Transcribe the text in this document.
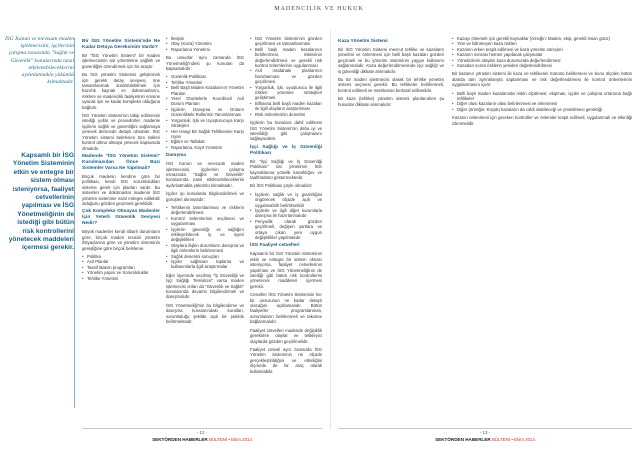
MADENCİLİK VE HUKUK
İSG Kanun ve mevzuatı maden işletmecisini, işçilerinin çalışma esnasında "Sağlık ve Güvenlik" konularında nasıl etkilenebileceklerini aydınlatmakla yükümlü kılmaktadır.
Kapsamlı bir İSG Yönetim Sisteminin etkin ve entegre bir sistem olması isteniyorsa, faaliyet cetvellerinin yapılması ve İSG Yönetmeliğinin de istediği gibi bütün risk kontrollerini yönetecek maddeleri içermesi gerekir.
Bir İSG Yönetim Sistemi'nde Ne Kadar Detaya Gereksinim Vardır?

Bir "İSG Yönetim Sistemi" bir maden işletmecisinin üst yönetimine sağlıklı ve güvenliğini özendirmek için bir araçtır.

Bu İSG yönetim Sistemini geliştirmek için gerekli detay seviyesi, öne tamamlanmak sürdürülebilmek için hazırlık kaynak ve dokümanlarını, risklere ve madencilik faaliyetinin emsine uyacak işin ne kadar kompleks olduğuna bağlıdır.

İSG Yönetim Sistemi'nin takip edilmesini istediği yollar ve prosedürler, madenle işçilerin sağlık ve güvenliğini sağlamaya yetecek derecede detaylı olmalıdır. İSG Yönetim sistemi belirlenen tüm riskleri kontrol altına almaya yetecek kapsamda olmalıdır.

Madende "İSG Yönetim Sistemi" Kurulmasıdan Önce Bazı Sistemler Varsa Ne Yapılmalı?

Birçok madenin kendine göre bir politikası, kendi İSG sorumlulukları sisteme gerek için planları vardır. Bu sistemler ve dokümanlar madenin İSG yönetim sistemine nasıl entegre edilebilir olduğunu gözden geçirmek gereklidir.

Çok Kompleks Olmayan Madenler İçin Yeterli Güvenlik Seviyesi Nedir?

Büyük madenler kendi itibarlı durumların göre, birçok maden tesisini yönetim ihtiyaçlarına göre ve yönetim sisteminin genişliğine göre birçok belirleme.

• Politika
• Acil Planlar
• Tasnif Bakım programları
• Yönetim yapısı ve Sorumluluklar
• Tehlike Yönetimi
• İletişim
• Olay (Kaza) Yönetimi
• Raporlama Yönetimi

Bu unsurlar aynı zamanda İSG Yönetmeliği'ndeki şu konuları da kapsamalıdır:

• Güvenlik Politikası
• Tehlike Yönetimi
• Belli Başlı Maden Kazalarının Yönetim Planları
• Yerel Otoritelerle Koordineli Acil Durum Planları
• İşçilerin Danışma ve Onların Güvenlikteki Rollerinin Tanımlanması
• Yorgunluk, İçki ve Uyuşturucuya Karşı Stratejiler
• Her Hangi Bir Sağlık Tehlikesine Karşı Uyarı
• Eğitim ve Tatbikat
• Raporlama, Kayıt Yönetimi
Danışma

İSG Kanun ve mevzuatı maden işletmecisini, işçilerinin çalışma esnasında "Sağlık ve Güvenlik" konularında nasıl etkilenebileceklerini aydınlatmakla yükümlü kılmaktadır.

İşçiler şu konularda bilgilendirilmeli ve görüşleri alınmalıdır:

• Tehlikenin tanımlanması ve risklerin değerlendirilmesi
• Kontrol önlemlerinin seçilmesi ve uygulanması
• İşçilerin güvenliği ve sağlığını etkileyebilecek iş ve işyeri değişiklikleri
• Olaylara ilişkin durumların danışma ve ilgili önlemlerin belirlenmesi
• Sağlık denetimi sonuçları
• İşçiler sağlanan toplama ve kullanımlarla ilgili araştırmalar

Eğer işyerinde seçilmiş "İş Güvenliği ve İşçi Sağlığı Temsilcisi" varsa maden işletmecisi onları da "Güvenlik ve Sağlık" konularında devamlı bilgilendirmeli ve danışmalıdır.

İSG Yönetmeliği'nin bu bilgilendirme ve danışma konularındaki kuralları, sorumluluğu şekilde açık bir şekilde belirtmektedir.

• İSG Yönetim Sistemi'nin gözden geçirilmesi ve tamamlanması
• Belli başlı maden kazalarının belirlenmesi, risklerinin değerlendirilmesi ve gerekli risk kontrol önlemlerinin uygulanması
• Acil müdahale planlarının hazırlanması ve gözden geçirilmesi
• Yorgunluk, içki, uyuşturucu ile ilgili riskleri yönetme stratejileri geliştirmek
• Bilhassa belli başlı maden kazaları ile ilgili olayların araştırılması
• Risk önlemlerinin denetimi

İşçilerin bu konulara dahil edilmesi İSG Yönetim Sistemi'nin daha iyi ve istenildiği gibi çalışmasını sağlayacaktır.

İşçi Sağlığı ve İş Güvenliği Politikası

Bir "İşçi Sağlığı ve İş Güvenliği Politikası" üst yönetimin İSG kaynaklarına yönelik kararlılığını ve taahhüdünü göstermektedir.

Bir İSG Politikası şöyle olmalıdır:

• İşçilerin sağlık ve iş güvenliğini öngörecek ölçüde açık ve uygulanabilir belirtilmelidir
• İşçilerle ve ilgili diğer kurumlarla danışma ile hazırlanmalıdır
• Periyodik olarak gözden geçirilmeli, değişen şartlara ve ortaya çıkan yeni uygun değişiklikler yapılmalıdır
İSG Faaliyet cetvelleri

Kapsamlı bir İSG Yönetim Sisteminin etkin ve entegre bir sistem olması isteniyorsa, faaliyet cetvellerinin yapılması ve İSG Yönetmeliğinin de istediği gibi bütün risk kontrollerini yönetecek maddeleri içermesi gerekir.

Cetveller İSG Yönetim Sisteminin her bir unsurunun ne kadar detaylı olacağını açıklamalıdır. Bütün faaliyetler programlanmalı, sorumluların belirlenmeli ve takvime bağlanmalıdır.

Faaliyet cetvelleri madende değişiklik gerektiren olaylar ve tetikleyici olaylarda gözden geçirilmelidir.

Faaliyet cetveli aynı zamanda İSG Yönetim Sisteminin ne ölçüde gerçekleştirildiğini ve etkinliğini ölçmede de bir araç olarak kullanılabilir.

Kaza Yönetim Sistemi

Bir İSG Yönetim Sistemi mevcut tehlike ve kazaların yönetimi ve önlenmesi için belli başlı kazaları gözden geçirmeli ve bu yönetim sisteminin yaygın kullanımı sağlanmalıdır. Kaza değerlendirmesinde işçi sağlığı ve iş güvenliği dikkate alınmalıdır.

Bu tür maden işletmecisi olarak bir tehlike yönetim sistemi seçmesi gerekir. Bu tehlikeler belirlenmeli, kontrol edilmeli ve mümkünse bertaraf edilmelidir.

Bir kaza (tehlike) yönetim sistemi planlanırken şu hususlar dikkate alınmalıdır:

• Kazayı önlemek için gerekli kaynaklar (örneğin: Maden, ekip, gerekli insan gücü)
• Yeni ve bilinmeyen kaza riskleri
• Kazanın erken tespit edilmesi ve kaza yönetim süreçleri
• Kazanın sonrası hemen yapılacak çalışmalar
• Yöneticilerin olayları kaza durumunda değerlendirmesi
• Kazadan sonra risklerin yeniden değerlendirilmesi

Bir kazanın yönetim sistemi iki kaza ve tehlikenin tümünü belirlemesi ve bunu ölçülen bütün alanda tam ayrıntılarıyla saptanması ve risk değerlendirmesi ile kontrol önlemlerinin uygulanmasını içerir.

• Belli başlı maden kazalarında riskin ölçülmesi; ekipman, işçiler ve çalışma ortamına bağlı tehlikeler
• Diğer olası kazaların olası belirlenmesi ve önlenmesi
• Diğer (örneğin: Küçük) kazaların da ciddi olabileceği ve yönetilmesi gerektiği

Kazanın önlenmesi için gereken kontroller ve önlemler tespit edilmeli, uygulanmalı ve etkinliği izlenmelidir.

- 12 -
SEKTÖRDEN HABERLER BÜLTENİ • Ekim 2014
- 13 -
SEKTÖRDEN HABERLER BÜLTENİ • Ekim 2014
